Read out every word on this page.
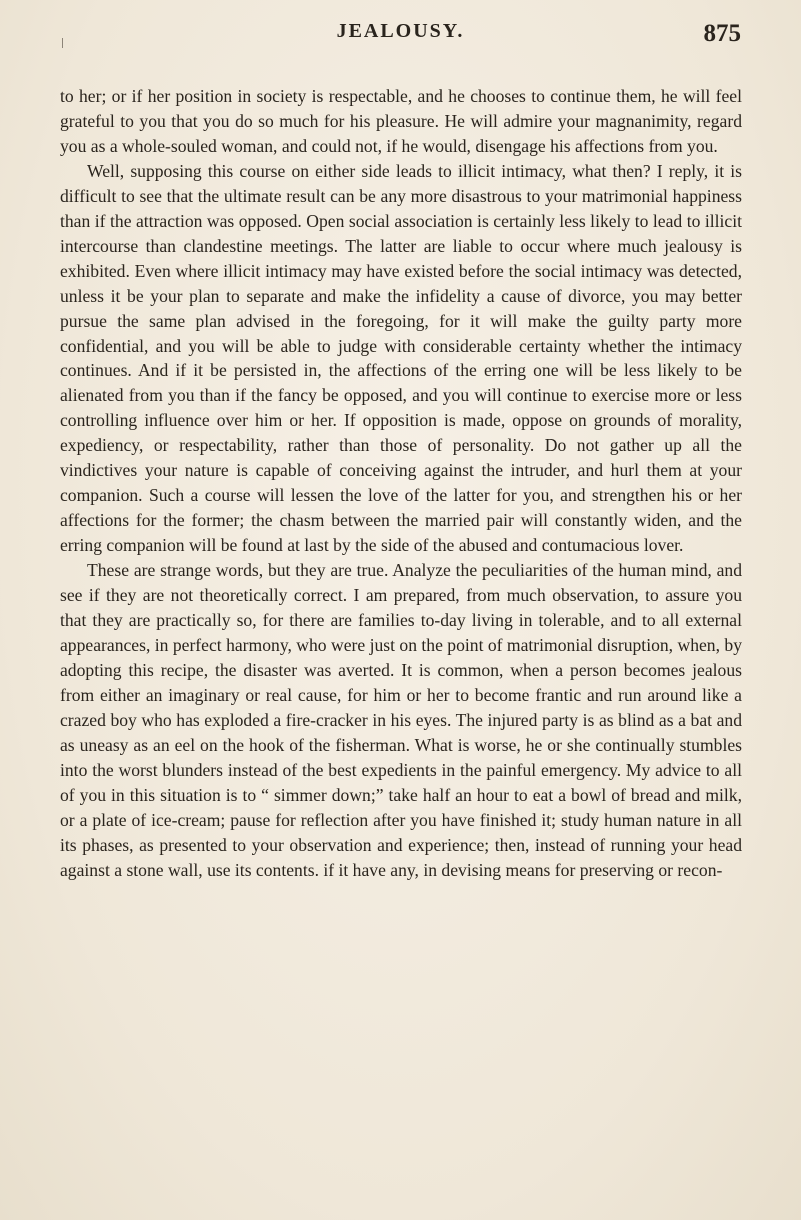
JEALOUSY.	875

to her; or if her position in society is respectable, and he chooses to continue them, he will feel grateful to you that you do so much for his pleasure. He will admire your magnanimity, regard you as a whole-souled woman, and could not, if he would, disengage his affections from you.

Well, supposing this course on either side leads to illicit intimacy, what then? I reply, it is difficult to see that the ultimate result can be any more disastrous to your matrimonial happiness than if the attraction was opposed. Open social association is certainly less likely to lead to illicit intercourse than clandestine meetings. The latter are liable to occur where much jealousy is exhibited. Even where illicit intimacy may have existed before the social intimacy was detected, unless it be your plan to separate and make the infidelity a cause of divorce, you may better pursue the same plan advised in the foregoing, for it will make the guilty party more confidential, and you will be able to judge with considerable certainty whether the intimacy continues. And if it be persisted in, the affections of the erring one will be less likely to be alienated from you than if the fancy be opposed, and you will continue to exercise more or less controlling influence over him or her. If opposition is made, oppose on grounds of morality, expediency, or respectability, rather than those of personality. Do not gather up all the vindictives your nature is capable of conceiving against the intruder, and hurl them at your companion. Such a course will lessen the love of the latter for you, and strengthen his or her affections for the former; the chasm between the married pair will constantly widen, and the erring companion will be found at last by the side of the abused and contumacious lover.

These are strange words, but they are true. Analyze the peculiarities of the human mind, and see if they are not theoretically correct. I am prepared, from much observation, to assure you that they are practically so, for there are families to-day living in tolerable, and to all external appearances, in perfect harmony, who were just on the point of matrimonial disruption, when, by adopting this recipe, the disaster was averted. It is common, when a person becomes jealous from either an imaginary or real cause, for him or her to become frantic and run around like a crazed boy who has exploded a fire-cracker in his eyes. The injured party is as blind as a bat and as uneasy as an eel on the hook of the fisherman. What is worse, he or she continually stumbles into the worst blunders instead of the best expedients in the painful emergency. My advice to all of you in this situation is to “ simmer down;” take half an hour to eat a bowl of bread and milk, or a plate of ice-cream; pause for reflection after you have finished it; study human nature in all its phases, as presented to your observation and experience; then, instead of running your head against a stone wall, use its contents. if it have any, in devising means for preserving or recon-
